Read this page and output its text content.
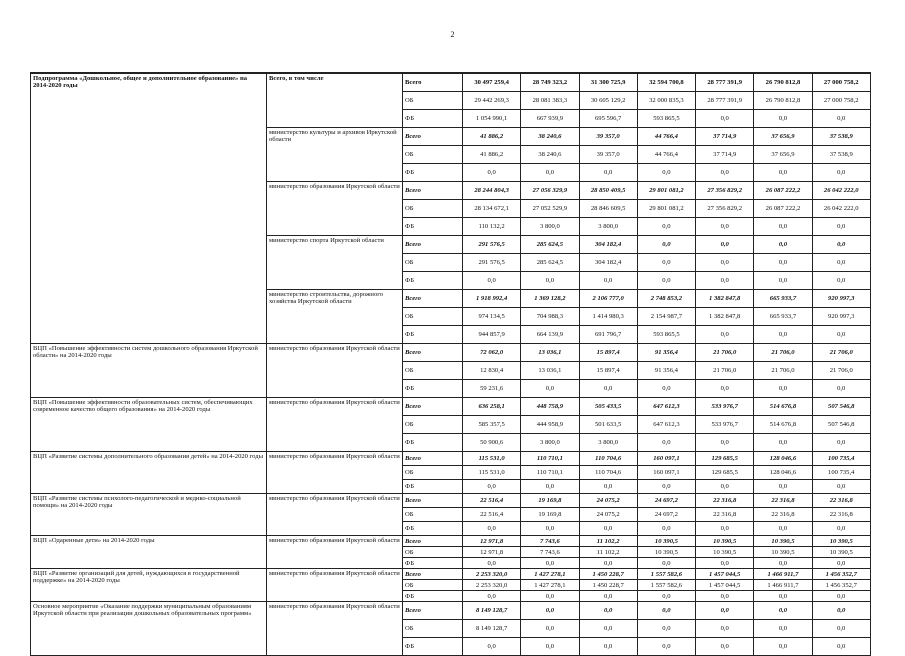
2
Подпрограмма «Дошкольное, общее и дополнительное образование» на 2014-2020 годы	Всего, в том числе	Всего	30 497 259,4	28 749 323,2	31 300 725,9	32 594 700,8	28 777 391,9	26 790 812,8	27 000 758,2
		ОБ	29 442 269,3	28 081 383,3	30 605 129,2	32 000 835,3	28 777 391,9	26 790 812,8	27 000 758,2
		ФБ	1 054 990,1	667 939,9	695 596,7	593 865,5	0,0	0,0	0,0
	министерство культуры и архивов Иркутской области	Всего	41 886,2	38 240,6	39 357,0	44 766,4	37 714,9	37 656,9	37 538,9
		ОБ	41 886,2	38 240,6	39 357,0	44 766,4	37 714,9	37 656,9	37 538,9
		ФБ	0,0	0,0	0,0	0,0	0,0	0,0	0,0
	министерство образования Иркутской области	Всего	28 244 804,3	27 056 329,9	28 850 409,5	29 801 081,2	27 356 829,2	26 087 222,2	26 042 222,0
		ОБ	28 134 672,1	27 052 529,9	28 846 609,5	29 801 081,2	27 356 829,2	26 087 222,2	26 042 222,0
		ФБ	110 132,2	3 800,0	3 800,0	0,0	0,0	0,0	0,0
	министерство спорта Иркутской области	Всего	291 576,5	285 624,5	304 182,4	0,0	0,0	0,0	0,0
		ОБ	291 576,5	285 624,5	304 182,4	0,0	0,0	0,0	0,0
		ФБ	0,0	0,0	0,0	0,0	0,0	0,0	0,0
	министерство строительства, дорожного хозяйства Иркутской области	Всего	1 918 992,4	1 369 128,2	2 106 777,0	2 748 853,2	1 382 847,8	665 933,7	920 997,3
		ОБ	974 134,5	704 988,3	1 414 980,3	2 154 987,7	1 382 847,8	665 933,7	920 997,3
		ФБ	944 857,9	664 139,9	691 796,7	593 865,5	0,0	0,0	0,0
ВЦП «Повышение эффективности систем дошкольного образования Иркутской области» на 2014-2020 годы	министерство образования Иркутской области	Всего	72 062,0	13 036,1	15 897,4	91 356,4	21 706,0	21 706,0	21 706,0
		ОБ	12 830,4	13 036,1	15 897,4	91 356,4	21 706,0	21 706,0	21 706,0
		ФБ	59 231,6	0,0	0,0	0,0	0,0	0,0	0,0
ВЦП «Повышение эффективности образовательных систем, обеспечивающих современное качество общего образования» на 2014-2020 годы	министерство образования Иркутской области	Всего	636 258,1	448 758,9	505 433,5	647 612,3	533 976,7	514 676,8	507 546,8
		ОБ	585 357,5	444 958,9	501 633,5	647 612,3	533 976,7	514 676,8	507 546,8
		ФБ	50 900,6	3 800,0	3 800,0	0,0	0,0	0,0	0,0
ВЦП «Развитие системы дополнительного образования детей» на 2014-2020 годы	министерство образования Иркутской области	Всего	115 531,0	110 710,1	110 704,6	160 097,1	129 685,5	128 046,6	100 735,4
		ОБ	115 531,0	110 710,1	110 704,6	160 097,1	129 685,5	128 046,6	100 735,4
		ФБ	0,0	0,0	0,0	0,0	0,0	0,0	0,0
ВЦП «Развитие системы психолого-педагогической и медико-социальной помощи» на 2014-2020 годы	министерство образования Иркутской области	Всего	22 516,4	19 169,8	24 075,2	24 697,2	22 316,8	22 316,8	22 316,8
		ОБ	22 516,4	19 169,8	24 075,2	24 697,2	22 316,8	22 316,8	22 316,8
		ФБ	0,0	0,0	0,0	0,0	0,0	0,0	0,0
ВЦП «Одаренные дети» на 2014-2020 годы	министерство образования Иркутской области	Всего	12 971,8	7 743,6	11 102,2	10 390,5	10 390,5	10 390,5	10 390,5
		ОБ	12 971,8	7 743,6	11 102,2	10 390,5	10 390,5	10 390,5	10 390,5
		ФБ	0,0	0,0	0,0	0,0	0,0	0,0	0,0
ВЦП «Развитие организаций для детей, нуждающихся в государственной поддержке» на 2014-2020 годы	министерство образования Иркутской области	Всего	2 253 320,0	1 427 278,1	1 450 228,7	1 557 582,6	1 457 044,5	1 466 911,7	1 456 352,7
		ОБ	2 253 320,0	1 427 278,1	1 450 228,7	1 557 582,6	1 457 044,5	1 466 911,7	1 456 352,7
		ФБ	0,0	0,0	0,0	0,0	0,0	0,0	0,0
Основное мероприятие «Оказание поддержки муниципальным образованиям Иркутской области при реализации дошкольных образовательных программ»	министерство образования Иркутской области	Всего	8 149 128,7	0,0	0,0	0,0	0,0	0,0	0,0
		ОБ	8 149 128,7	0,0	0,0	0,0	0,0	0,0	0,0
		ФБ	0,0	0,0	0,0	0,0	0,0	0,0	0,0
